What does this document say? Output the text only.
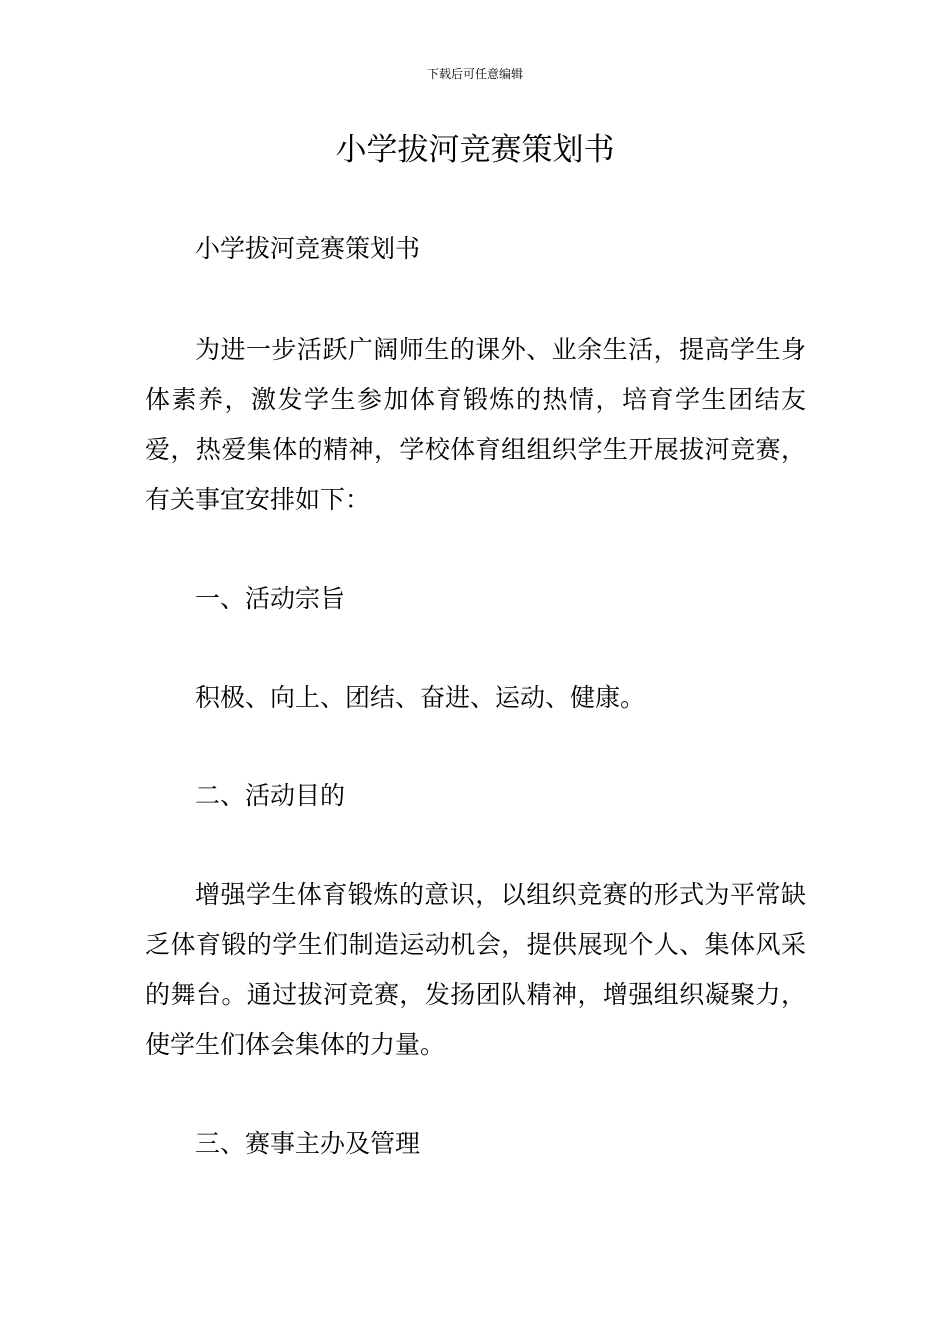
下载后可任意编辑
小学拔河竞赛策划书

小学拔河竞赛策划书

为进一步活跃广阔师生的课外、业余生活，提高学生身体素养，激发学生参加体育锻炼的热情，培育学生团结友爱，热爱集体的精神，学校体育组组织学生开展拔河竞赛，有关事宜安排如下：

一、活动宗旨

积极、向上、团结、奋进、运动、健康。

二、活动目的

增强学生体育锻炼的意识，以组织竞赛的形式为平常缺乏体育锻的学生们制造运动机会，提供展现个人、集体风采的舞台。通过拔河竞赛，发扬团队精神，增强组织凝聚力，使学生们体会集体的力量。

三、赛事主办及管理
